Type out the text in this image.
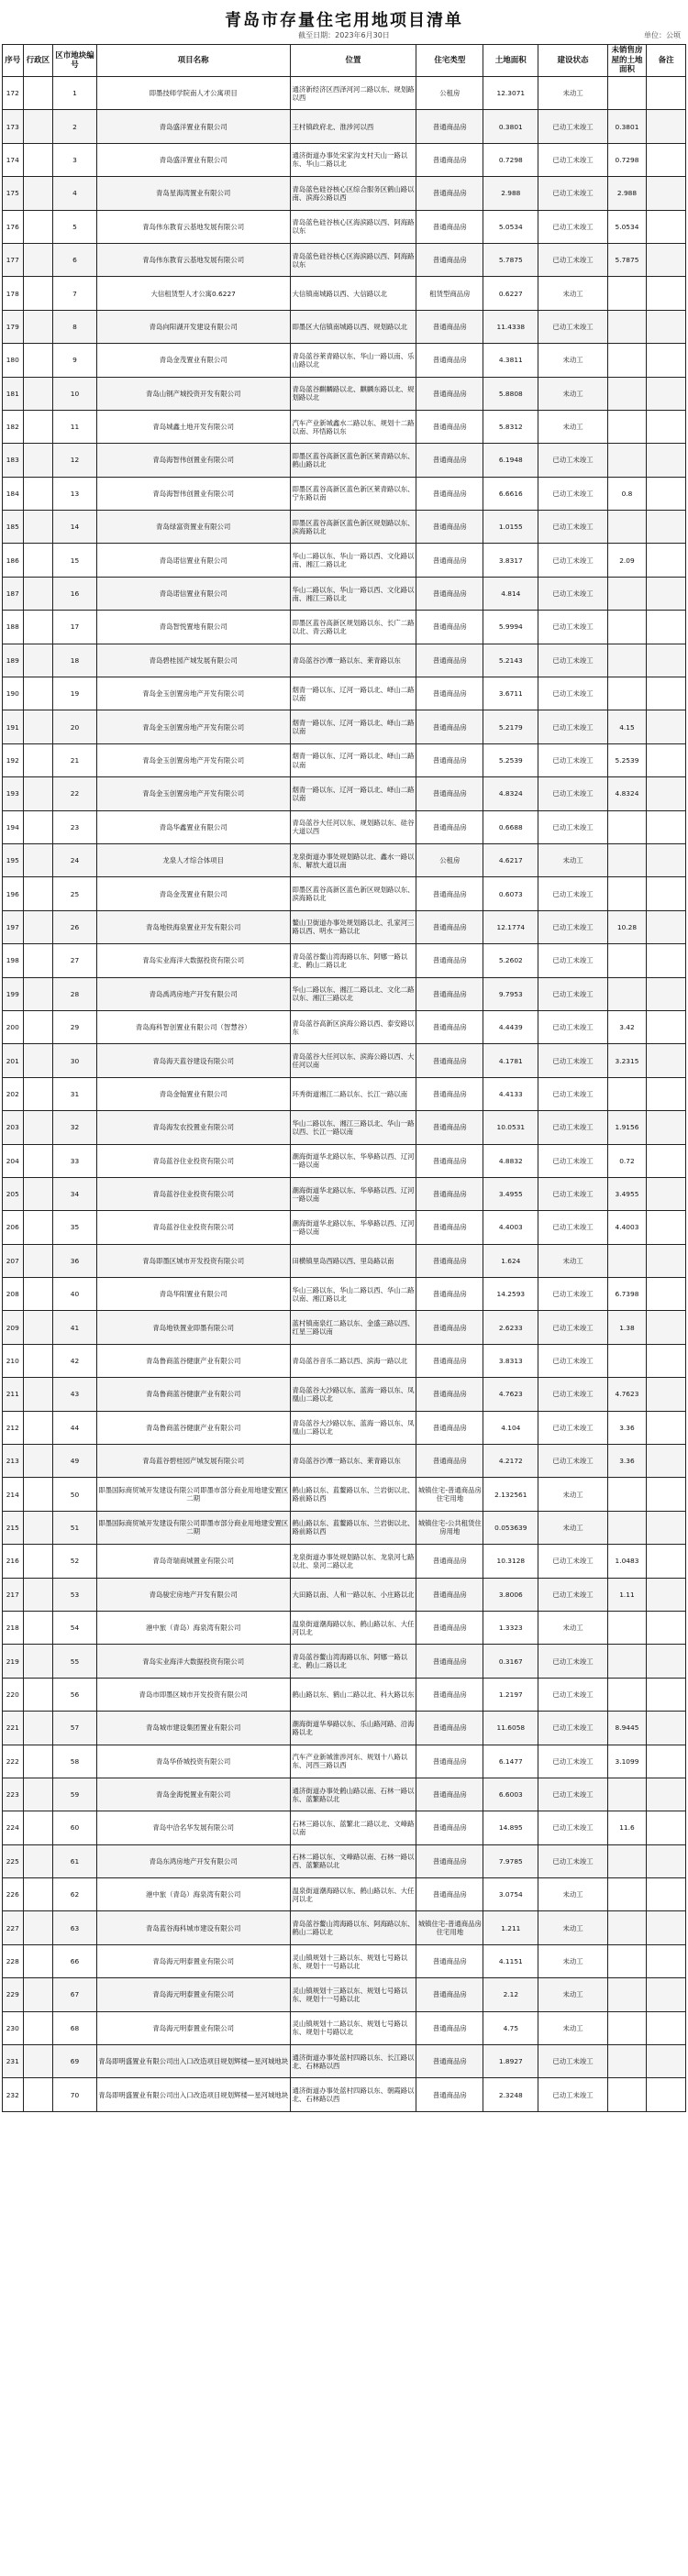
青岛市存量住宅用地项目清单
截至日期：2023年6月30日	单位：公顷
序号	行政区	区市地块编号	项目名称	位置	住宅类型	土地面积	建设状态	未销售房屋的土地面积	备注
172		1	即墨技师学院南人才公寓项目	通济新经济区西泽河河二路以东、规划路以西	公租房	12.3071	未动工		
173		2	青岛盛洋置业有限公司	王村镇政府北、淮涉河以西	普通商品房	0.3801	已动工未竣工	0.3801	
174		3	青岛盛洋置业有限公司	通济街道办事处宋家沟支村天山一路以东、华山二路以北	普通商品房	0.7298	已动工未竣工	0.7298	
175		4	青岛星海湾置业有限公司	青岛蓝色硅谷核心区综合服务区鹤山路以南、滨海公路以西	普通商品房	2.988	已动工未竣工	2.988	
176		5	青岛伟东教育云基地发展有限公司	青岛蓝色硅谷核心区海滨路以西、阿海路以东	普通商品房	5.0534	已动工未竣工	5.0534	
177		6	青岛伟东教育云基地发展有限公司	青岛蓝色硅谷核心区海滨路以西、阿海路以东	普通商品房	5.7875	已动工未竣工	5.7875	
178		7	大信租赁型人才公寓0.6227	大信镇南城路以西、大信路以北	租赁型商品房	0.6227	未动工		
179		8	青岛向阳湖开发建设有限公司	即墨区大信镇南城路以西、规划路以北	普通商品房	11.4338	已动工未竣工		
180		9	青岛金茂置业有限公司	青岛蓝谷莱青路以东、华山一路以南、乐山路以北	普通商品房	4.3811	未动工		
181		10	青岛山钢产城投资开发有限公司	青岛蓝谷麒麟路以北、麒麟东路以北、规划路以北	普通商品房	5.8808	未动工		
182		11	青岛城鑫土地开发有限公司	汽车产业新城鑫水二路以东、规划十二路以南、环悟路以东	普通商品房	5.8312	未动工		
183		12	青岛海智伟创置业有限公司	即墨区蓝谷高新区蓝色新区莱青路以东、鹤山路以北	普通商品房	6.1948	已动工未竣工		
184		13	青岛海智伟创置业有限公司	即墨区蓝谷高新区蓝色新区莱青路以东、宁东路以南	普通商品房	6.6616	已动工未竣工	0.8	
185		14	青岛绿富资置业有限公司	即墨区蓝谷高新区蓝色新区规划路以东、滨海路以北	普通商品房	1.0155	已动工未竣工		
186		15	青岛诺信置业有限公司	华山二路以东、华山一路以西、文化路以南、湘江二路以北	普通商品房	3.8317	已动工未竣工	2.09	
187		16	青岛诺信置业有限公司	华山二路以东、华山一路以西、文化路以南、湘江三路以北	普通商品房	4.814	已动工未竣工		
188		17	青岛智悦置地有限公司	即墨区蓝谷高新区规划路以东、长广二路以北、青云路以北	普通商品房	5.9994	已动工未竣工		
189		18	青岛碧桂园产城发展有限公司	青岛蓝谷沙潭一路以东、莱青路以东	普通商品房	5.2143	已动工未竣工		
190		19	青岛金玉创置房地产开发有限公司	烟青一路以东、辽河一路以北、峄山二路以南	普通商品房	3.6711	已动工未竣工		
191		20	青岛金玉创置房地产开发有限公司	烟青一路以东、辽河一路以北、峄山二路以南	普通商品房	5.2179	已动工未竣工	4.15	
192		21	青岛金玉创置房地产开发有限公司	烟青一路以东、辽河一路以北、峄山二路以南	普通商品房	5.2539	已动工未竣工	5.2539	
193		22	青岛金玉创置房地产开发有限公司	烟青一路以东、辽河一路以北、峄山二路以南	普通商品房	4.8324	已动工未竣工	4.8324	
194		23	青岛华鑫置业有限公司	青岛蓝谷大任河以东、规划路以东、硅谷大道以西	普通商品房	0.6688	已动工未竣工		
195		24	龙泉人才综合体项目	龙泉街道办事处规划路以北、鑫水一路以东、解放大道以南	公租房	4.6217	未动工		
196		25	青岛金茂置业有限公司	即墨区蓝谷高新区蓝色新区规划路以东、滨海路以北	普通商品房	0.6073	已动工未竣工		
197		26	青岛地铁海泉置业开发有限公司	鳌山卫街道办事处规划路以北、孔家河三路以西、明水一路以北	普通商品房	12.1774	已动工未竣工	10.28	
198		27	青岛实业海洋大数据投资有限公司	青岛蓝谷鳌山湾海路以东、阿娜一路以北、鹤山二路以北	普通商品房	5.2602	已动工未竣工		
199		28	青岛禹鸿房地产开发有限公司	华山二路以东、湘江二路以北、文化二路以东、湘江三路以北	普通商品房	9.7953	已动工未竣工		
200		29	青岛海科智创置业有限公司（智慧谷）	青岛蓝谷高新区滨海公路以西、泰安路以东	普通商品房	4.4439	已动工未竣工	3.42	
201		30	青岛海天蓝谷建设有限公司	青岛蓝谷大任河以东、滨海公路以西、大任河以南	普通商品房	4.1781	已动工未竣工	3.2315	
202		31	青岛金翰置业有限公司	环秀街道湘江二路以东、长江一路以南	普通商品房	4.4133	已动工未竣工		
203		32	青岛海发农投置业有限公司	华山二路以东、湘江三路以北、华山一路以西、长江一路以南	普通商品房	10.0531	已动工未竣工	1.9156	
204		33	青岛蓝谷住业投资有限公司	潮海街道华北路以东、华皋路以西、辽河一路以南	普通商品房	4.8832	已动工未竣工	0.72	
205		34	青岛蓝谷住业投资有限公司	潮海街道华北路以东、华皋路以西、辽河一路以南	普通商品房	3.4955	已动工未竣工	3.4955	
206		35	青岛蓝谷住业投资有限公司	潮海街道华北路以东、华皋路以西、辽河一路以南	普通商品房	4.4003	已动工未竣工	4.4003	
207		36	青岛即墨区城市开发投资有限公司	田横镇里岛西路以西、里岛路以南	普通商品房	1.624	未动工		
208		40	青岛华阳置业有限公司	华山三路以东、华山二路以西、华山二路以南、湘江路以北	普通商品房	14.2593	已动工未竣工	6.7398	
209		41	青岛地铁置业即墨有限公司	蓝村镇南泉红二路以东、金盛三路以西、红星三路以南	普通商品房	2.6233	已动工未竣工	1.38	
210		42	青岛鲁商蓝谷健康产业有限公司	青岛蓝谷音乐二路以西、滨海一路以北	普通商品房	3.8313	已动工未竣工		
211		43	青岛鲁商蓝谷健康产业有限公司	青岛蓝谷大沙路以东、蓝海一路以东、凤凰山二路以北	普通商品房	4.7623	已动工未竣工	4.7623	
212		44	青岛鲁商蓝谷健康产业有限公司	青岛蓝谷大沙路以东、蓝海一路以东、凤凰山二路以北	普通商品房	4.104	已动工未竣工	3.36	
213		49	青岛蓝谷碧桂园产城发展有限公司	青岛蓝谷沙潭一路以东、莱青路以东	普通商品房	4.2172	已动工未竣工	3.36	
214		50	即墨国际商贸城开发建设有限公司即墨市部分商业用地建安置区二期	鹤山路以东、蓝鳌路以东、兰岩街以北、路前路以西	城镇住宅-普通商品房住宅用地	2.132561	未动工		
215		51	即墨国际商贸城开发建设有限公司即墨市部分商业用地建安置区二期	鹤山路以东、蓝鳌路以东、兰岩街以北、路前路以西	城镇住宅-公共租赁住房用地	0.053639	未动工		
216		52	青岛奇瑞商城置业有限公司	龙泉街道办事处规划路以东、龙泉河七路以北、泉河二路以北	普通商品房	10.3128	已动工未竣工	1.0483	
217		53	青岛骏宏房地产开发有限公司	大田路以南、人和一路以东、小庄路以北	普通商品房	3.8006	已动工未竣工	1.11	
218		54	港中旅（青岛）海泉湾有限公司	温泉街道潮海路以东、鹤山路以东、大任河以北	普通商品房	1.3323	未动工		
219		55	青岛实业海洋大数据投资有限公司	青岛蓝谷鳌山湾海路以东、阿娜一路以北、鹤山二路以北	普通商品房	0.3167	已动工未竣工		
220		56	青岛市即墨区城市开发投资有限公司	鹤山路以东、鹤山二路以北、科大路以东	普通商品房	1.2197	已动工未竣工		
221		57	青岛城市建设集团置业有限公司	潮海街道华皋路以东、乐山路河路、沿海路以北	普通商品房	11.6058	已动工未竣工	8.9445	
222		58	青岛华侨城投资有限公司	汽车产业新城淮涉河东、规划十八路以东、河西三路以西	普通商品房	6.1477	已动工未竣工	3.1099	
223		59	青岛金海悦置业有限公司	通济街道办事处鹤山路以南、石林一路以东、蓝繁路以北	普通商品房	6.6003	已动工未竣工		
224		60	青岛中洽名华发展有限公司	石林三路以东、蓝繁北二路以北、文峰路以南	普通商品房	14.895	已动工未竣工	11.6	
225		61	青岛东鸿房地产开发有限公司	石林二路以东、文峰路以南、石林一路以西、蓝繁路以北	普通商品房	7.9785	已动工未竣工		
226		62	港中旅（青岛）海泉湾有限公司	温泉街道潮海路以东、鹤山路以东、大任河以北	普通商品房	3.0754	未动工		
227		63	青岛蓝谷海科城市建设有限公司	青岛蓝谷鳌山湾海路以东、阿海路以东、鹤山二路以北	城镇住宅-普通商品房住宅用地	1.211	未动工		
228		66	青岛海元明泰置业有限公司	灵山镇规划十三路以东、规划七号路以东、规划十一号路以北	普通商品房	4.1151	未动工		
229		67	青岛海元明泰置业有限公司	灵山镇规划十三路以东、规划七号路以东、规划十一号路以北	普通商品房	2.12	未动工		
230		68	青岛海元明泰置业有限公司	灵山镇规划十二路以东、规划七号路以东、规划十号路以北	普通商品房	4.75	未动工		
231		69	青岛即明盛置业有限公司出入口改造项目规划辉楼—星河城地块	通济街道办事处蓝村四路以东、长江路以北、石林路以西	普通商品房	1.8927	已动工未竣工		
232		70	青岛即明盛置业有限公司出入口改造项目规划辉楼—星河城地块	通济街道办事处蓝村四路以东、朝霞路以北、石林路以西	普通商品房	2.3248	已动工未竣工		
